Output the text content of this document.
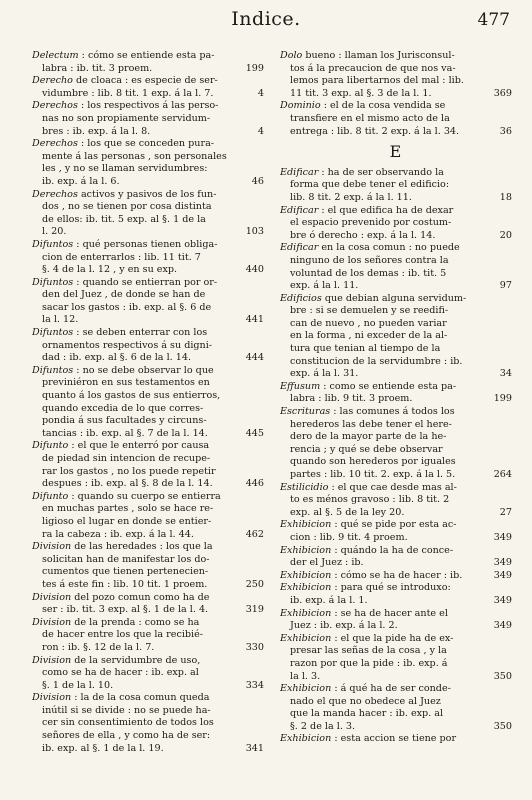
Indice.	477
Delectum : cómo se entiende esta pa-
labra : ib. tit. 3 proem.	199
Derecho de cloaca : es especie de ser-
vidumbre : lib. 8 tit. 1 exp. á la l. 7.	4
Derechos : los respectivos á las perso-
nas no son propiamente servidum-
bres : ib. exp. á la l. 8.	4
Derechos : los que se conceden pura-
mente á las personas , son personales
les , y no se llaman servidumbres:
ib. exp. á la l. 6.	46
Derechos activos y pasivos de los fun-
dos , no se tienen por cosa distinta
de ellos: ib. tit. 5 exp. al §. 1 de la
l. 20.	103
Difuntos : qué personas tienen obliga-
cion de enterrarlos : lib. 11 tit. 7
§. 4 de la l. 12 , y en su exp.	440
Difuntos : quando se entierran por or-
den del Juez , de donde se han de
sacar los gastos : ib. exp. al §. 6 de
la l. 12.	441
Difuntos : se deben enterrar con los
ornamentos respectivos á su digni-
dad : ib. exp. al §. 6 de la l. 14.	444
Difuntos : no se debe observar lo que
previniéron en sus testamentos en
quanto á los gastos de sus entierros,
quando excedia de lo que corres-
pondia á sus facultades y circuns-
tancias : ib. exp. al §. 7 de la l. 14.	445
Difunto : el que le enterró por causa
de piedad sin intencion de recupe-
rar los gastos , no los puede repetir
despues : ib. exp. al §. 8 de la l. 14.	446
Difunto : quando su cuerpo se entierra
en muchas partes , solo se hace re-
ligioso el lugar en donde se entier-
ra la cabeza : ib. exp. á la l. 44.	462
Division de las heredades : los que la
solicitan han de manifestar los do-
cumentos que tienen pertenecien-
tes á este fin : lib. 10 tit. 1 proem.	250
Division del pozo comun como ha de
ser : ib. tit. 3 exp. al §. 1 de la l. 4.	319
Division de la prenda : como se ha
de hacer entre los que la recibié-
ron : ib. §. 12 de la l. 7.	330
Division de la servidumbre de uso,
como se ha de hacer : ib. exp. al
§. 1 de la l. 10.	334
Division : la de la cosa comun queda
inútil si se divide : no se puede ha-
cer sin consentimiento de todos los
señores de ella , y como ha de ser:
ib. exp. al §. 1 de la l. 19.	341
Dolo bueno : llaman los Jurisconsul-
tos á la precaucion de que nos va-
lemos para libertarnos del mal : lib.
11 tit. 3 exp. al §. 3 de la l. 1.	369
Dominio : el de la cosa vendida se
transfiere en el mismo acto de la
entrega : lib. 8 tit. 2 exp. á la l. 34.	36
E
Edificar : ha de ser observando la
forma que debe tener el edificio:
lib. 8 tit. 2 exp. á la l. 11.	18
Edificar : el que edifica ha de dexar
el espacio prevenido por costum-
bre ó derecho : exp. á la l. 14.	20
Edificar en la cosa comun : no puede
ninguno de los señores contra la
voluntad de los demas : ib. tit. 5
exp. á la l. 11.	97
Edificios que debian alguna servidum-
bre : si se demuelen y se reedifi-
can de nuevo , no pueden variar
en la forma , ni exceder de la al-
tura que tenian al tiempo de la
constitucion de la servidumbre : ib.
exp. á la l. 31.	34
Effusum : como se entiende esta pa-
labra : lib. 9 tit. 3 proem.	199
Escrituras : las comunes á todos los
herederos las debe tener el here-
dero de la mayor parte de la he-
rencia ; y qué se debe observar
quando son herederos por iguales
partes : lib. 10 tit. 2. exp. á la l. 5.	264
Estilicidio : el que cae desde mas al-
to es ménos gravoso : lib. 8 tit. 2
exp. al §. 5 de la ley 20.	27
Exhibicion : qué se pide por esta ac-
cion : lib. 9 tit. 4 proem.	349
Exhibicion : quándo la ha de conce-
der el Juez : ib.	349
Exhibicion : cómo se ha de hacer : ib.	349
Exhibicion : para qué se introduxo:
ib. exp. á la l. 1.	349
Exhibicion : se ha de hacer ante el
Juez : ib. exp. á la l. 2.	349
Exhibicion : el que la pide ha de ex-
presar las señas de la cosa , y la
razon por que la pide : ib. exp. á
la l. 3.	350
Exhibicion : á qué ha de ser conde-
nado el que no obedece al Juez
que la manda hacer : ib. exp. al
§. 2 de la l. 3.	350
Exhibicion : esta accion se tiene por
